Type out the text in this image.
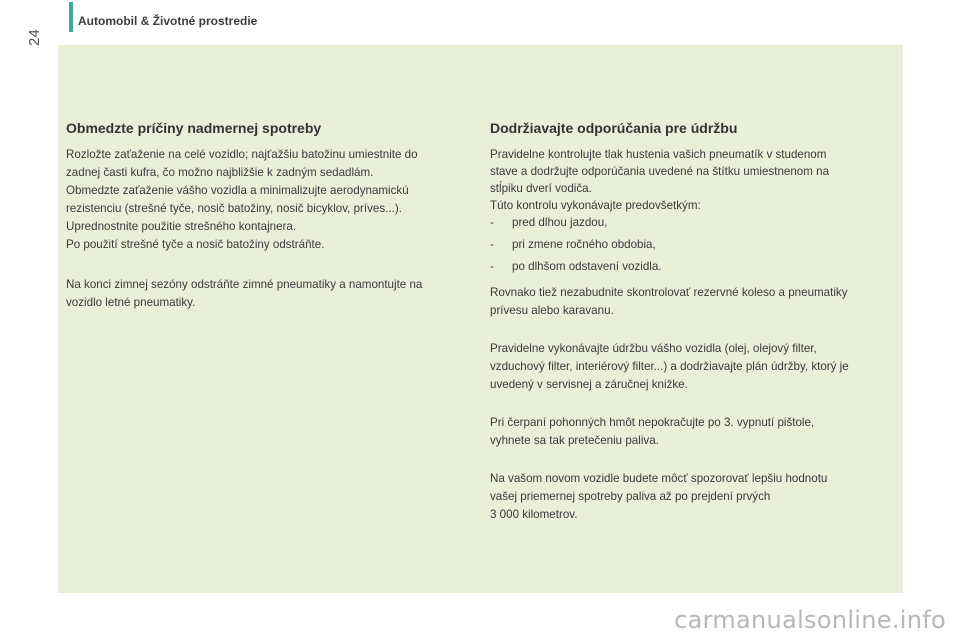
Automobil & Životné prostredie
24
Obmedzte príčiny nadmernej spotreby

Rozložte zaťaženie na celé vozidlo; najťažšiu batožinu umiestnite do
zadnej časti kufra, čo možno najbližšie k zadným sedadlám.
Obmedzte zaťaženie vášho vozidla a minimalizujte aerodynamickú
rezistenciu (strešné tyče, nosič batožiny, nosič bicyklov, príves...).
Uprednostnite použitie strešného kontajnera.
Po použití strešné tyče a nosič batožiny odstráňte.

Na konci zimnej sezóny odstráňte zimné pneumatiky a namontujte na
vozidlo letné pneumatiky.

Dodržiavajte odporúčania pre údržbu

Pravidelne kontrolujte tlak hustenia vašich pneumatík v studenom
stave a dodržujte odporúčania uvedené na štítku umiestnenom na
stĺpiku dverí vodiča.
Túto kontrolu vykonávajte predovšetkým:

- pred dlhou jazdou,
- pri zmene ročného obdobia,
- po dlhšom odstavení vozidla.

Rovnako tiež nezabudnite skontrolovať rezervné koleso a pneumatiky
prívesu alebo karavanu.

Pravidelne vykonávajte údržbu vášho vozidla (olej, olejový filter,
vzduchový filter, interiérový filter...) a dodržiavajte plán údržby, ktorý je
uvedený v servisnej a záručnej knižke.

Pri čerpaní pohonných hmôt nepokračujte po 3. vypnutí pištole,
vyhnete sa tak pretečeniu paliva.

Na vašom novom vozidle budete môcť spozorovať lepšiu hodnotu
vašej priemernej spotreby paliva až po prejdení prvých
3 000 kilometrov.

carmanualsonline.info
